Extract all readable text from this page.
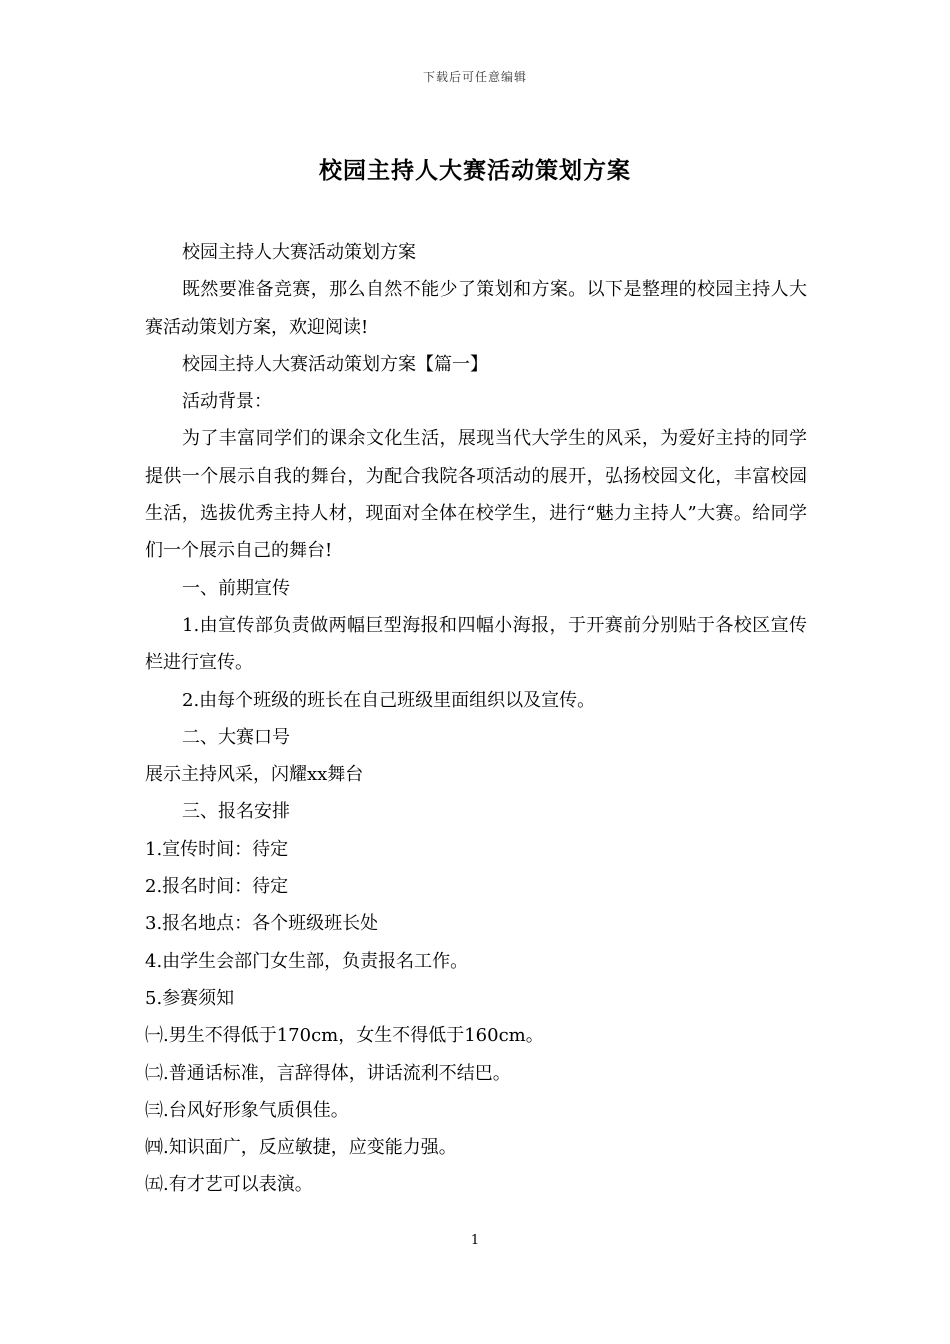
下载后可任意编辑
校园主持人大赛活动策划方案

校园主持人大赛活动策划方案

既然要准备竞赛，那么自然不能少了策划和方案。以下是整理的校园主持人大赛活动策划方案，欢迎阅读!

校园主持人大赛活动策划方案【篇一】

活动背景：

为了丰富同学们的课余文化生活，展现当代大学生的风采，为爱好主持的同学提供一个展示自我的舞台，为配合我院各项活动的展开，弘扬校园文化，丰富校园生活，选拔优秀主持人材，现面对全体在校学生，进行“魅力主持人”大赛。给同学们一个展示自己的舞台!

一、前期宣传

1.由宣传部负责做两幅巨型海报和四幅小海报，于开赛前分别贴于各校区宣传栏进行宣传。

2.由每个班级的班长在自己班级里面组织以及宣传。

二、大赛口号

展示主持风采，闪耀xx舞台

三、报名安排

1.宣传时间：待定

2.报名时间：待定

3.报名地点：各个班级班长处

4.由学生会部门女生部，负责报名工作。

5.参赛须知

㈠.男生不得低于170cm，女生不得低于160cm。

㈡.普通话标准，言辞得体，讲话流利不结巴。

㈢.台风好形象气质俱佳。

㈣.知识面广，反应敏捷，应变能力强。

㈤.有才艺可以表演。

1
